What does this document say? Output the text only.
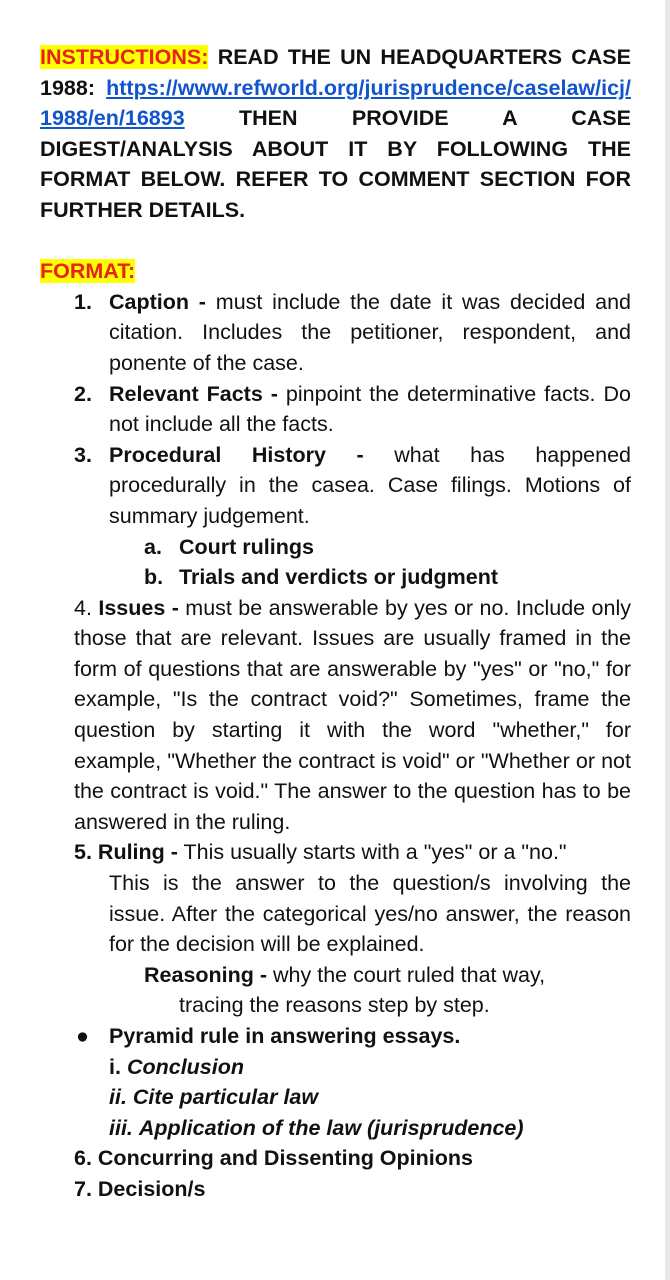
INSTRUCTIONS: READ THE UN HEADQUARTERS CASE 1988: https://www.refworld.org/jurisprudence/caselaw/icj/1988/en/16893	THEN PROVIDE A CASE DIGEST/ANALYSIS ABOUT IT BY FOLLOWING THE FORMAT BELOW. REFER TO COMMENT SECTION FOR FURTHER DETAILS.
FORMAT:
1. Caption - must include the date it was decided and citation. Includes the petitioner, respondent, and ponente of the case.
2. Relevant Facts - pinpoint the determinative facts. Do not include all the facts.
3. Procedural History - what has happened procedurally in the casea. Case filings. Motions of summary judgement.
a. Court rulings
b. Trials and verdicts or judgment
4. Issues - must be answerable by yes or no. Include only those that are relevant. Issues are usually framed in the form of questions that are answerable by "yes" or "no," for example, "Is the contract void?" Sometimes, frame the question by starting it with the word "whether," for example, "Whether the contract is void" or "Whether or not the contract is void." The answer to the question has to be answered in the ruling.
5. Ruling - This usually starts with a "yes" or a "no."
This is the answer to the question/s involving the issue. After the categorical yes/no answer, the reason for the decision will be explained.
Reasoning - why the court ruled that way,
tracing the reasons step by step.
● Pyramid rule in answering essays.
i. Conclusion
ii. Cite particular law
iii. Application of the law (jurisprudence)
6. Concurring and Dissenting Opinions
7. Decision/s
